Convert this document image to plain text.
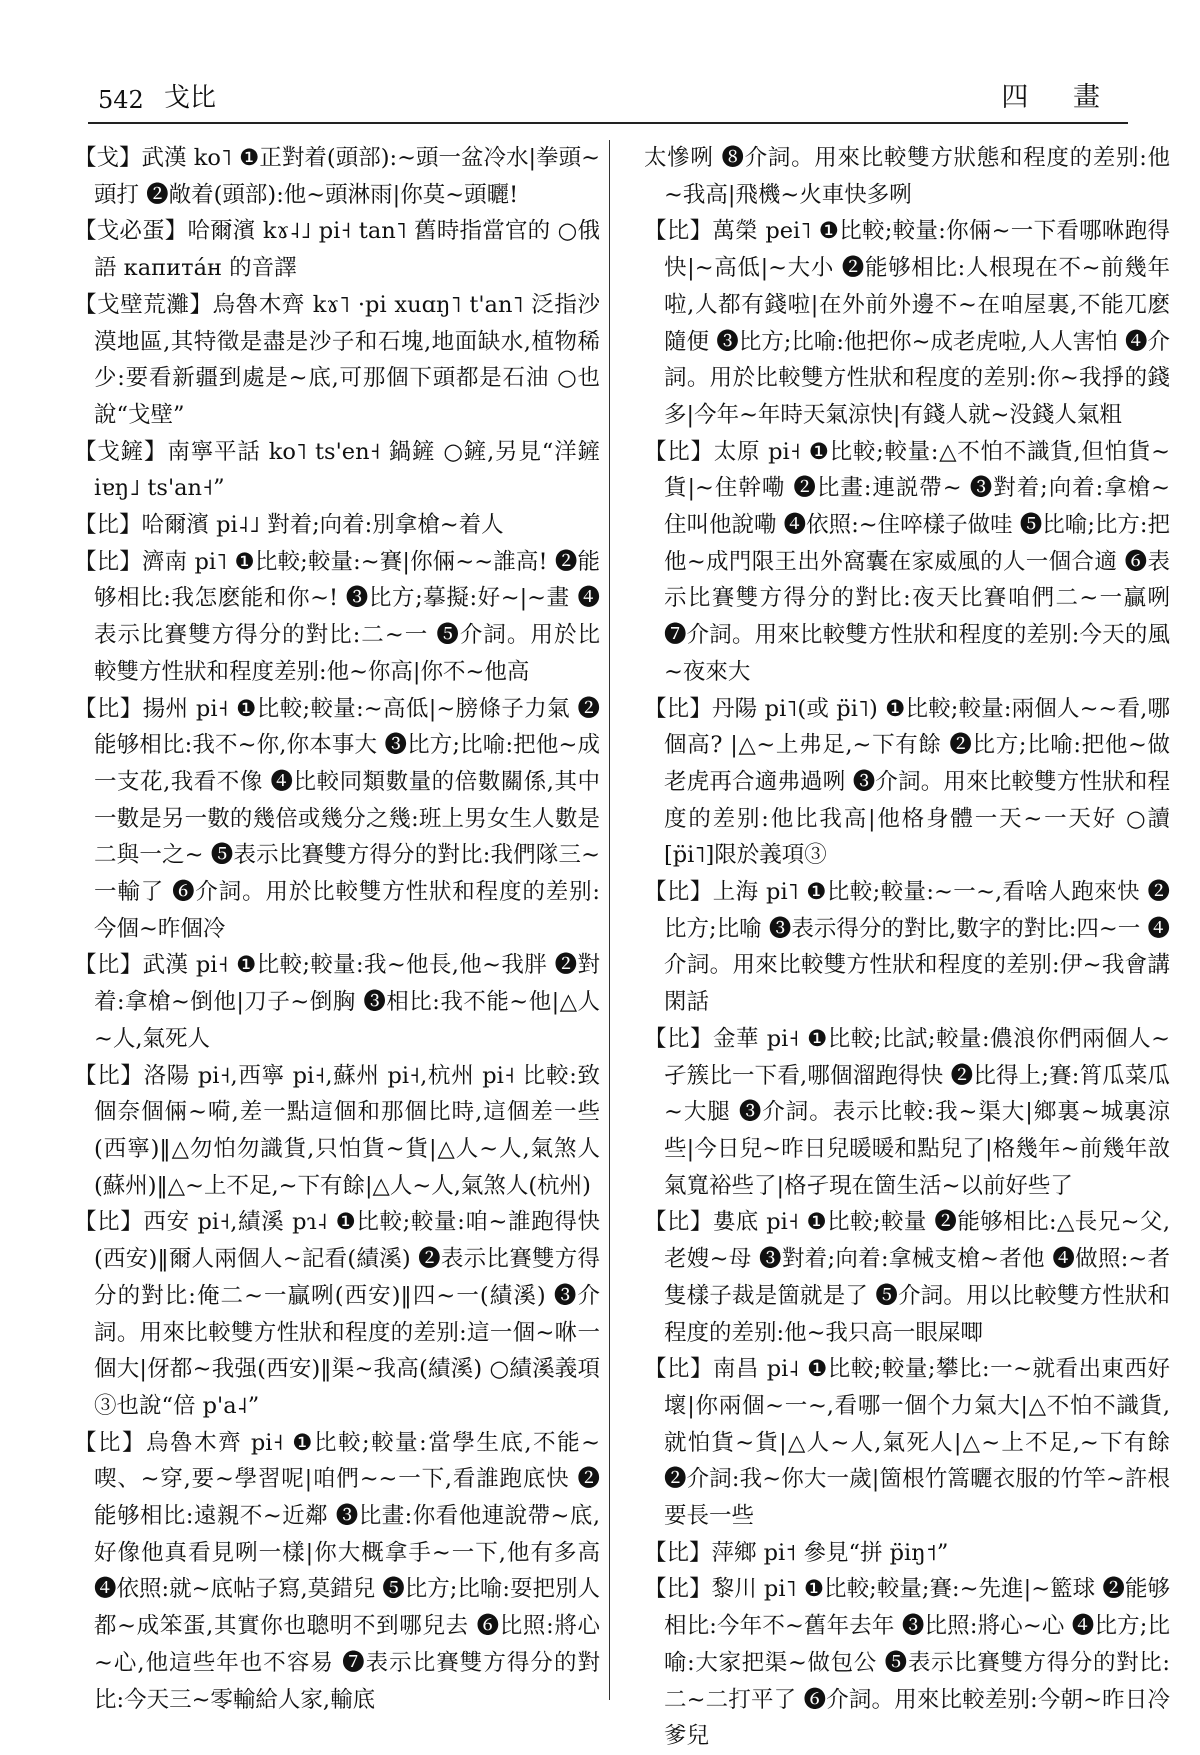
542 戈比	四 畫

【戈】武漢 ko˥ ❶正對着(頭部):~頭一盆冷水|拳頭~頭打 ❷敞着(頭部):他~頭淋雨|你莫~頭曬!

【戈必蛋】哈爾濱 kɤ˨˩ pi˧ tan˥ 舊時指當官的 ○俄語 капитáн 的音譯

【戈壁荒灘】烏魯木齊 kɤ˥ ·pi xuɑŋ˥ t'an˥ 泛指沙漠地區,其特徵是盡是沙子和石塊,地面缺水,植物稀少:要看新疆到處是~底,可那個下頭都是石油 ○也說“戈壁”

【戈鏟】南寧平話 ko˥ ts'en˧ 鍋鏟 ○鏟,另見“洋鏟 iɐŋ˩ ts'an˧”

【比】哈爾濱 pi˨˩ 對着;向着:別拿槍~着人

【比】濟南 pi˥ ❶比較;較量:~賽|你倆~~誰高! ❷能够相比:我怎麽能和你~! ❸比方;摹擬:好~|~畫 ❹表示比賽雙方得分的對比:二~一 ❺介詞。用於比較雙方性狀和程度差别:他~你高|你不~他高

【比】揚州 pi˧ ❶比較;較量:~高低|~膀條子力氣 ❷能够相比:我不~你,你本事大 ❸比方;比喻:把他~成一支花,我看不像 ❹比較同類數量的倍數關係,其中一數是另一數的幾倍或幾分之幾:班上男女生人數是二與一之~ ❺表示比賽雙方得分的對比:我們隊三~一輸了 ❻介詞。用於比較雙方性狀和程度的差别:今個~昨個冷

【比】武漢 pi˧ ❶比較;較量:我~他長,他~我胖 ❷對着:拿槍~倒他|刀子~倒胸 ❸相比:我不能~他|△人~人,氣死人

【比】洛陽 pi˧,西寧 pi˧,蘇州 pi˧,杭州 pi˧ 比較:致個奈個倆~嗬,差一點這個和那個比時,這個差一些(西寧)‖△勿怕勿識貨,只怕貨~貨|△人~人,氣煞人(蘇州)‖△~上不足,~下有餘|△人~人,氣煞人(杭州)

【比】西安 pi˧,績溪 pɿ˨ ❶比較;較量:咱~誰跑得快(西安)‖爾人兩個人~記看(績溪) ❷表示比賽雙方得分的對比:俺二~一贏咧(西安)‖四~一(績溪) ❸介詞。用來比較雙方性狀和程度的差别:這一個~咻一個大|伢都~我强(西安)‖渠~我高(績溪) ○績溪義項③也說“倍 p'a˨”

【比】烏魯木齊 pi˧ ❶比較;較量:當學生底,不能~喫、~穿,要~學習呢|咱們~~一下,看誰跑底快 ❷能够相比:遠親不~近鄰 ❸比畫:你看他連說帶~底,好像他真看見咧一樣|你大概拿手~一下,他有多高 ❹依照:就~底帖子寫,莫錯兒 ❺比方;比喻:耍把別人都~成笨蛋,其實你也聰明不到哪兒去 ❻比照:將心~心,他這些年也不容易 ❼表示比賽雙方得分的對比:今天三~零輸給人家,輸底

太慘咧 ❽介詞。用來比較雙方狀態和程度的差别:他~我高|飛機~火車快多咧

【比】萬榮 pei˥ ❶比較;較量:你倆~一下看哪咻跑得快|~高低|~大小 ❷能够相比:人根現在不~前幾年啦,人都有錢啦|在外前外邊不~在咱屋裏,不能兀麽隨便 ❸比方;比喻:他把你~成老虎啦,人人害怕 ❹介詞。用於比較雙方性狀和程度的差别:你~我掙的錢多|今年~年時天氣涼快|有錢人就~没錢人氣粗

【比】太原 pi˧ ❶比較;較量:△不怕不識貨,但怕貨~貨|~住幹嘞 ❷比畫:連説帶~ ❸對着;向着:拿槍~住叫他說嘞 ❹依照:~住啐樣子做哇 ❺比喻;比方:把他~成門限王出外窩囊在家威風的人一個合適 ❻表示比賽雙方得分的對比:夜天比賽咱們二~一贏咧 ❼介詞。用來比較雙方性狀和程度的差别:今天的風~夜來大

【比】丹陽 pi˥(或 p̈i˥) ❶比較;較量:兩個人~~看,哪個高? |△~上弗足,~下有餘 ❷比方;比喻:把他~做老虎再合適弗過咧 ❸介詞。用來比較雙方性狀和程度的差别:他比我高|他格身體一天~一天好 ○讀[p̈i˥]限於義項③

【比】上海 pi˥ ❶比較;較量:~一~,看啥人跑來快 ❷比方;比喻 ❸表示得分的對比,數字的對比:四~一 ❹介詞。用來比較雙方性狀和程度的差别:伊~我會講閑話

【比】金華 pi˧ ❶比較;比試;較量:儂浪你們兩個人~孑簇比一下看,哪個溜跑得快 ❷比得上;賽:筲瓜菜瓜~大腿 ❸介詞。表示比較:我~渠大|鄉裏~城裏涼些|今日兒~昨日兒暖暖和點兒了|格幾年~前幾年敨氣寬裕些了|格孑現在箇生活~以前好些了

【比】婁底 pi˧ ❶比較;較量 ❷能够相比:△長兄~父,老嫂~母 ❸對着;向着:拿械支槍~者他 ❹做照:~者隻樣子裁是箇就是了 ❺介詞。用以比較雙方性狀和程度的差别:他~我只高一眼屎唧

【比】南昌 pi˨ ❶比較;較量;攀比:一~就看出東西好壞|你兩個~一~,看哪一個个力氣大|△不怕不識貨,就怕貨~貨|△人~人,氣死人|△~上不足,~下有餘 ❷介詞:我~你大一歲|箇根竹篙曬衣服的竹竿~許根要長一些

【比】萍鄉 pi˦ 參見“拼 p̈iŋ˦”

【比】黎川 pi˥ ❶比較;較量;賽:~先進|~籃球 ❷能够相比:今年不~舊年去年 ❸比照:將心~心 ❹比方;比喻:大家把渠~做包公 ❺表示比賽雙方得分的對比:二~二打平了 ❻介詞。用來比較差别:今朝~昨日冷爹兒
